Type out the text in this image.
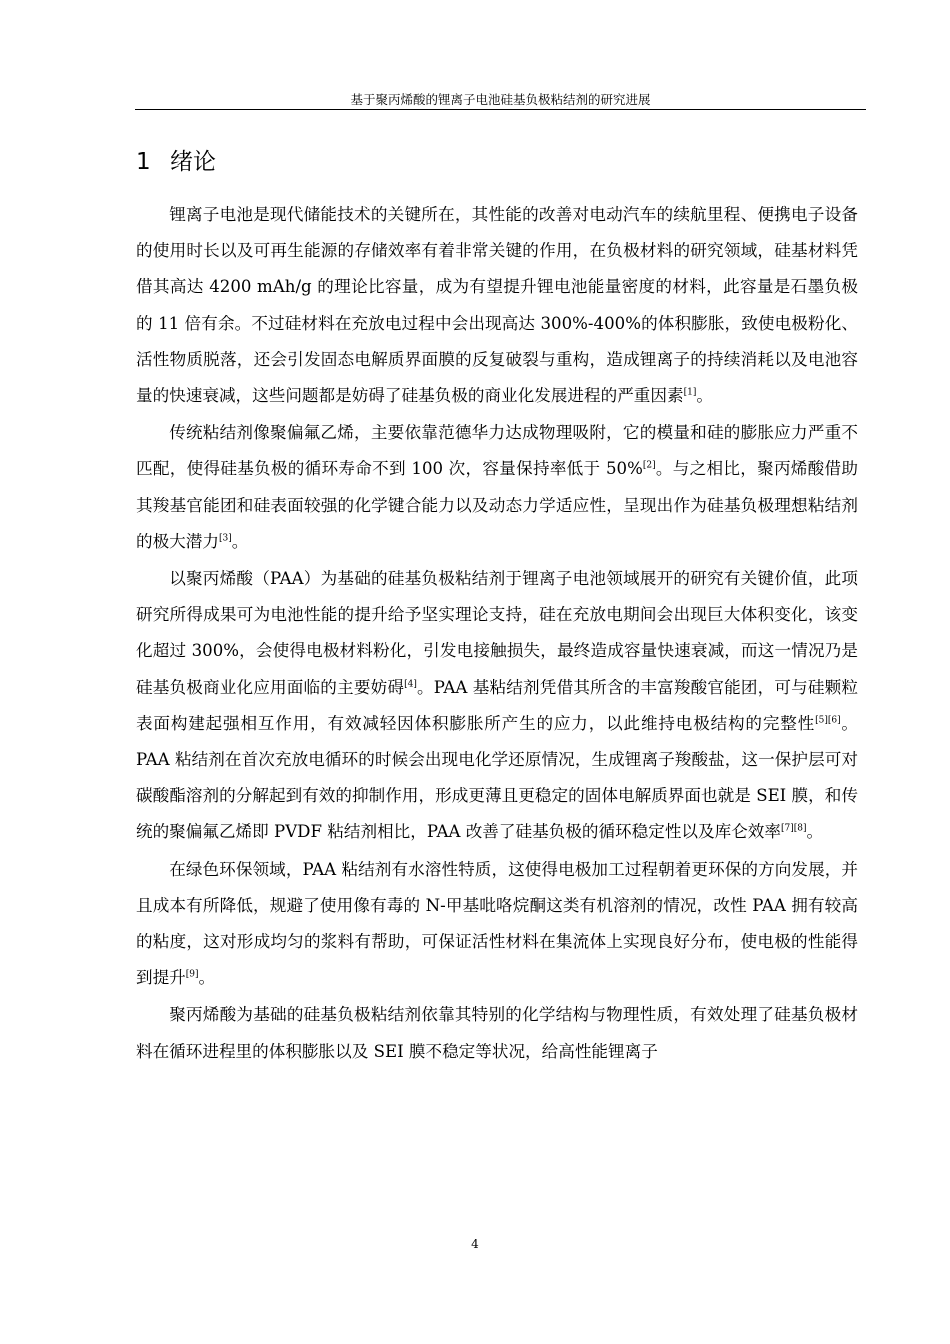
基于聚丙烯酸的锂离子电池硅基负极粘结剂的研究进展
1 绪论

锂离子电池是现代储能技术的关键所在，其性能的改善对电动汽车的续航里程、便携电子设备的使用时长以及可再生能源的存储效率有着非常关键的作用，在负极材料的研究领域，硅基材料凭借其高达 4200 mAh/g 的理论比容量，成为有望提升锂电池能量密度的材料，此容量是石墨负极的 11 倍有余。不过硅材料在充放电过程中会出现高达 300%-400%的体积膨胀，致使电极粉化、活性物质脱落，还会引发固态电解质界面膜的反复破裂与重构，造成锂离子的持续消耗以及电池容量的快速衰减，这些问题都是妨碍了硅基负极的商业化发展进程的严重因素[1]。

传统粘结剂像聚偏氟乙烯，主要依靠范德华力达成物理吸附，它的模量和硅的膨胀应力严重不匹配，使得硅基负极的循环寿命不到 100 次，容量保持率低于 50%[2]。与之相比，聚丙烯酸借助其羧基官能团和硅表面较强的化学键合能力以及动态力学适应性，呈现出作为硅基负极理想粘结剂的极大潜力[3]。

以聚丙烯酸（PAA）为基础的硅基负极粘结剂于锂离子电池领域展开的研究有关键价值，此项研究所得成果可为电池性能的提升给予坚实理论支持，硅在充放电期间会出现巨大体积变化，该变化超过 300%，会使得电极材料粉化，引发电接触损失，最终造成容量快速衰减，而这一情况乃是硅基负极商业化应用面临的主要妨碍[4]。PAA 基粘结剂凭借其所含的丰富羧酸官能团，可与硅颗粒表面构建起强相互作用，有效减轻因体积膨胀所产生的应力，以此维持电极结构的完整性[5][6]。PAA 粘结剂在首次充放电循环的时候会出现电化学还原情况，生成锂离子羧酸盐，这一保护层可对碳酸酯溶剂的分解起到有效的抑制作用，形成更薄且更稳定的固体电解质界面也就是 SEI 膜，和传统的聚偏氟乙烯即 PVDF 粘结剂相比，PAA 改善了硅基负极的循环稳定性以及库仑效率[7][8]。

在绿色环保领域，PAA 粘结剂有水溶性特质，这使得电极加工过程朝着更环保的方向发展，并且成本有所降低，规避了使用像有毒的 N-甲基吡咯烷酮这类有机溶剂的情况，改性 PAA 拥有较高的粘度，这对形成均匀的浆料有帮助，可保证活性材料在集流体上实现良好分布，使电极的性能得到提升[9]。

聚丙烯酸为基础的硅基负极粘结剂依靠其特别的化学结构与物理性质，有效处理了硅基负极材料在循环进程里的体积膨胀以及 SEI 膜不稳定等状况，给高性能锂离子

4
